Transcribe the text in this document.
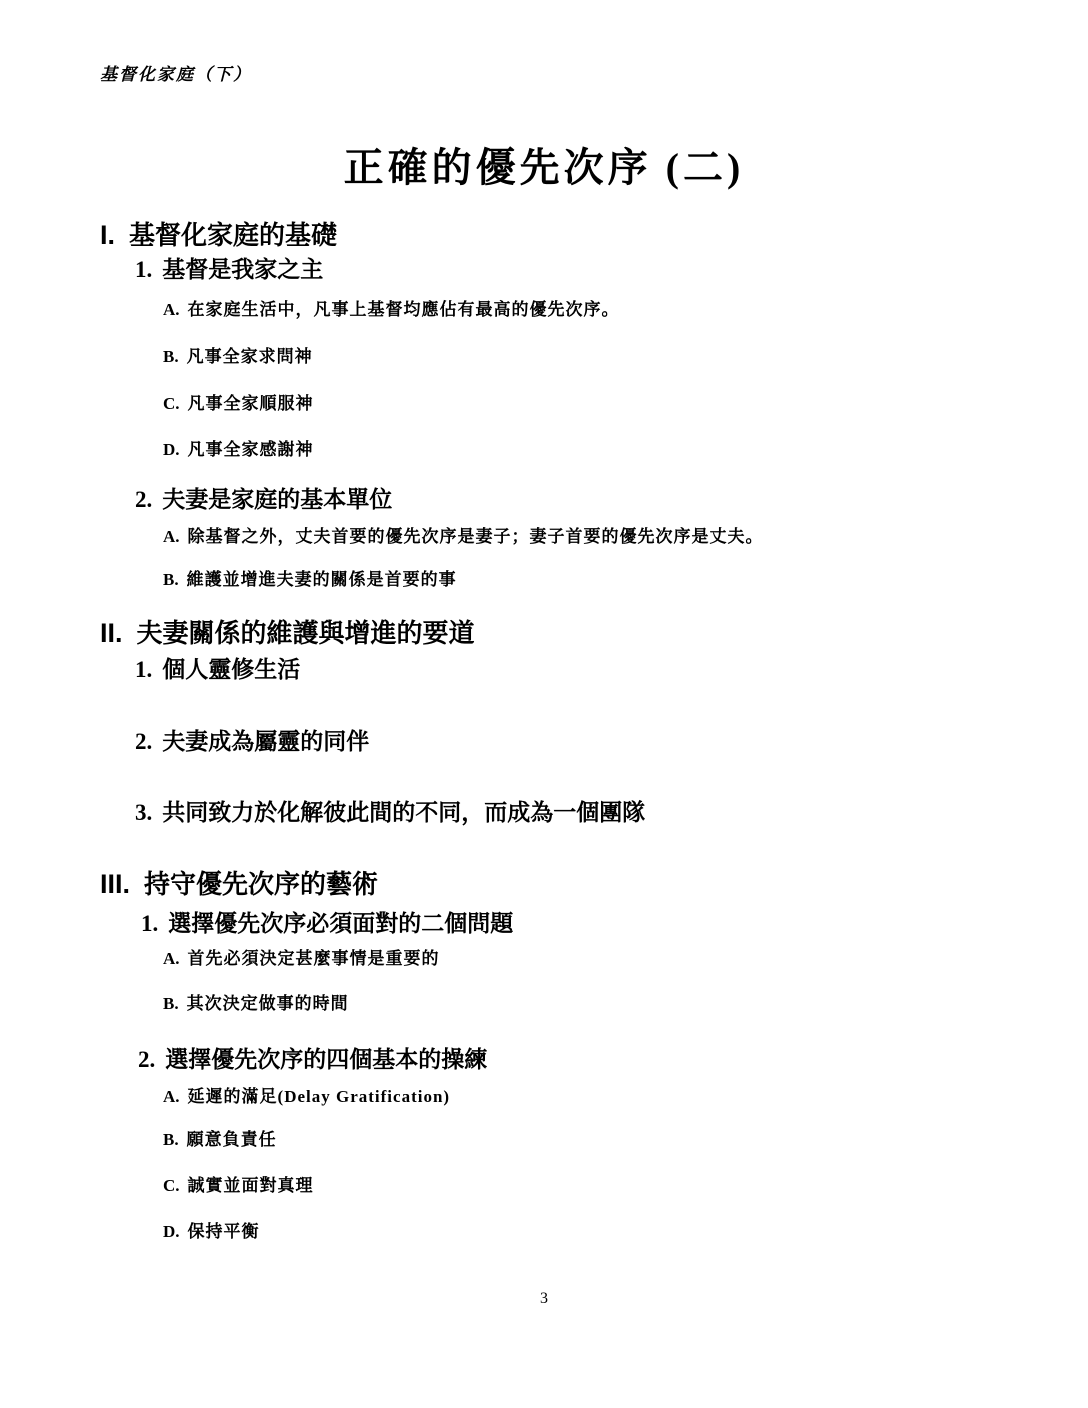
基督化家庭（下）
正確的優先次序 (二)
I. 基督化家庭的基礎
1. 基督是我家之主
A. 在家庭生活中，凡事上基督均應佔有最高的優先次序。
B. 凡事全家求問神
C. 凡事全家順服神
D. 凡事全家感謝神
2. 夫妻是家庭的基本單位
A. 除基督之外，丈夫首要的優先次序是妻子；妻子首要的優先次序是丈夫。
B. 維護並增進夫妻的關係是首要的事
II. 夫妻關係的維護與增進的要道
1. 個人靈修生活
2. 夫妻成為屬靈的同伴
3. 共同致力於化解彼此間的不同，而成為一個團隊
III. 持守優先次序的藝術
1. 選擇優先次序必須面對的二個問題
A. 首先必須決定甚麼事情是重要的
B. 其次決定做事的時間
2. 選擇優先次序的四個基本的操練
A. 延遲的滿足(Delay Gratification)
B. 願意負責任
C. 誠實並面對真理
D. 保持平衡
3
